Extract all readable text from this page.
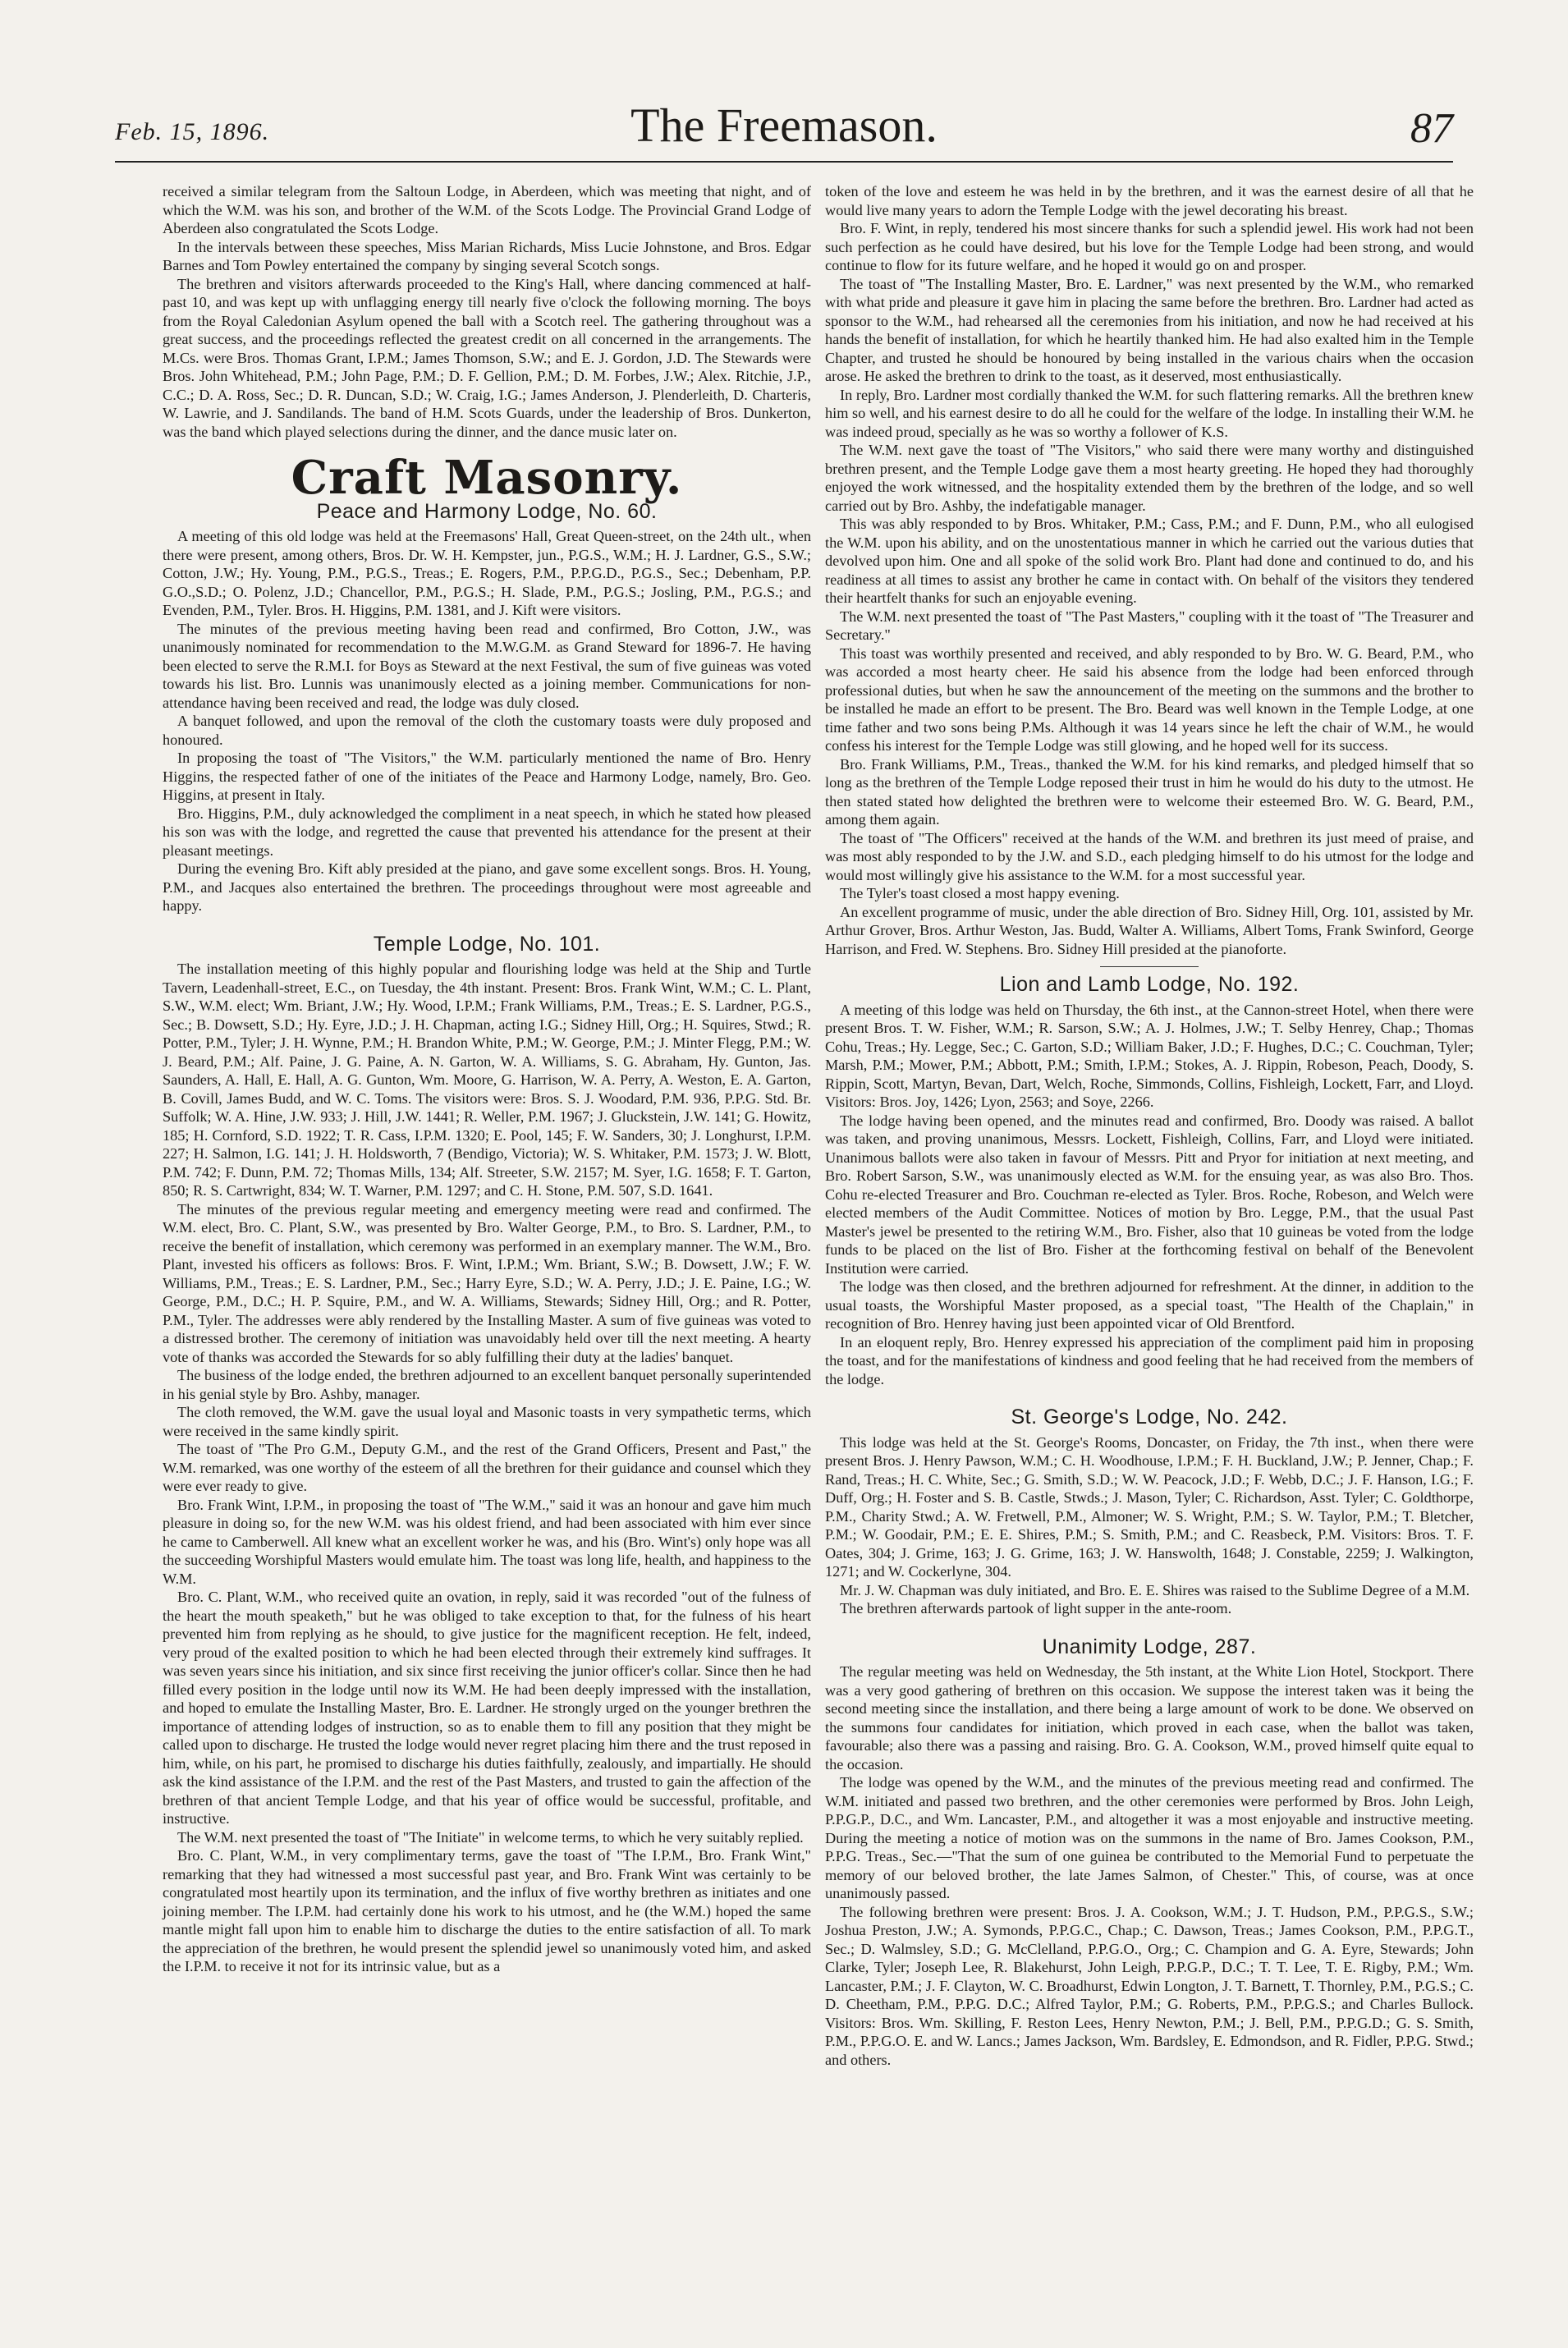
Feb. 15, 1896.	The Freemason.	87

received a similar telegram from the Saltoun Lodge, in Aberdeen, which was meeting that night, and of which the W.M. was his son, and brother of the W.M. of the Scots Lodge. The Provincial Grand Lodge of Aberdeen also congratulated the Scots Lodge.

In the intervals between these speeches, Miss Marian Richards, Miss Lucie Johnstone, and Bros. Edgar Barnes and Tom Powley entertained the company by singing several Scotch songs.

The brethren and visitors afterwards proceeded to the King's Hall, where dancing commenced at half-past 10, and was kept up with unflagging energy till nearly five o'clock the following morning. The boys from the Royal Caledonian Asylum opened the ball with a Scotch reel. The gathering throughout was a great success, and the proceedings reflected the greatest credit on all concerned in the arrangements. The M.Cs. were Bros. Thomas Grant, I.P.M.; James Thomson, S.W.; and E. J. Gordon, J.D. The Stewards were Bros. John Whitehead, P.M.; John Page, P.M.; D. F. Gellion, P.M.; D. M. Forbes, J.W.; Alex. Ritchie, J.P., C.C.; D. A. Ross, Sec.; D. R. Duncan, S.D.; W. Craig, I.G.; James Anderson, J. Plenderleith, D. Charteris, W. Lawrie, and J. Sandilands. The band of H.M. Scots Guards, under the leadership of Bros. Dunkerton, was the band which played selections during the dinner, and the dance music later on.

Craft Masonry.
Peace and Harmony Lodge, No. 60.

A meeting of this old lodge was held at the Freemasons' Hall, Great Queen-street, on the 24th ult., when there were present, among others, Bros. Dr. W. H. Kempster, jun., P.G.S., W.M.; H. J. Lardner, G.S., S.W.; Cotton, J.W.; Hy. Young, P.M., P.G.S., Treas.; E. Rogers, P.M., P.P.G.D., P.G.S., Sec.; Debenham, P.P. G.O.,S.D.; O. Polenz, J.D.; Chancellor, P.M., P.G.S.; H. Slade, P.M., P.G.S.; Josling, P.M., P.G.S.; and Evenden, P.M., Tyler. Bros. H. Higgins, P.M. 1381, and J. Kift were visitors.

The minutes of the previous meeting having been read and confirmed, Bro Cotton, J.W., was unanimously nominated for recommendation to the M.W.G.M. as Grand Steward for 1896-7. He having been elected to serve the R.M.I. for Boys as Steward at the next Festival, the sum of five guineas was voted towards his list. Bro. Lunnis was unanimously elected as a joining member. Communications for non-attendance having been received and read, the lodge was duly closed.

A banquet followed, and upon the removal of the cloth the customary toasts were duly proposed and honoured.

In proposing the toast of "The Visitors," the W.M. particularly mentioned the name of Bro. Henry Higgins, the respected father of one of the initiates of the Peace and Harmony Lodge, namely, Bro. Geo. Higgins, at present in Italy.

Bro. Higgins, P.M., duly acknowledged the compliment in a neat speech, in which he stated how pleased his son was with the lodge, and regretted the cause that prevented his attendance for the present at their pleasant meetings.

During the evening Bro. Kift ably presided at the piano, and gave some excellent songs. Bros. H. Young, P.M., and Jacques also entertained the brethren. The proceedings throughout were most agreeable and happy.

Temple Lodge, No. 101.

The installation meeting of this highly popular and flourishing lodge was held at the Ship and Turtle Tavern, Leadenhall-street, E.C., on Tuesday, the 4th instant. Present: Bros. Frank Wint, W.M.; C. L. Plant, S.W., W.M. elect; Wm. Briant, J.W.; Hy. Wood, I.P.M.; Frank Williams, P.M., Treas.; E. S. Lardner, P.G.S., Sec.; B. Dowsett, S.D.; Hy. Eyre, J.D.; J. H. Chapman, acting I.G.; Sidney Hill, Org.; H. Squires, Stwd.; R. Potter, P.M., Tyler; J. H. Wynne, P.M.; H. Brandon White, P.M.; W. George, P.M.; J. Minter Flegg, P.M.; W. J. Beard, P.M.; Alf. Paine, J. G. Paine, A. N. Garton, W. A. Williams, S. G. Abraham, Hy. Gunton, Jas. Saunders, A. Hall, E. Hall, A. G. Gunton, Wm. Moore, G. Harrison, W. A. Perry, A. Weston, E. A. Garton, B. Covill, James Budd, and W. C. Toms. The visitors were: Bros. S. J. Woodard, P.M. 936, P.P.G. Std. Br. Suffolk; W. A. Hine, J.W. 933; J. Hill, J.W. 1441; R. Weller, P.M. 1967; J. Gluckstein, J.W. 141; G. Howitz, 185; H. Cornford, S.D. 1922; T. R. Cass, I.P.M. 1320; E. Pool, 145; F. W. Sanders, 30; J. Longhurst, I.P.M. 227; H. Salmon, I.G. 141; J. H. Holdsworth, 7 (Bendigo, Victoria); W. S. Whitaker, P.M. 1573; J. W. Blott, P.M. 742; F. Dunn, P.M. 72; Thomas Mills, 134; Alf. Streeter, S.W. 2157; M. Syer, I.G. 1658; F. T. Garton, 850; R. S. Cartwright, 834; W. T. Warner, P.M. 1297; and C. H. Stone, P.M. 507, S.D. 1641.

The minutes of the previous regular meeting and emergency meeting were read and confirmed. The W.M. elect, Bro. C. Plant, S.W., was presented by Bro. Walter George, P.M., to Bro. S. Lardner, P.M., to receive the benefit of installation, which ceremony was performed in an exemplary manner. The W.M., Bro. Plant, invested his officers as follows: Bros. F. Wint, I.P.M.; Wm. Briant, S.W.; B. Dowsett, J.W.; F. W. Williams, P.M., Treas.; E. S. Lardner, P.M., Sec.; Harry Eyre, S.D.; W. A. Perry, J.D.; J. E. Paine, I.G.; W. George, P.M., D.C.; H. P. Squire, P.M., and W. A. Williams, Stewards; Sidney Hill, Org.; and R. Potter, P.M., Tyler. The addresses were ably rendered by the Installing Master. A sum of five guineas was voted to a distressed brother. The ceremony of initiation was unavoidably held over till the next meeting. A hearty vote of thanks was accorded the Stewards for so ably fulfilling their duty at the ladies' banquet.

The business of the lodge ended, the brethren adjourned to an excellent banquet personally superintended in his genial style by Bro. Ashby, manager.

The cloth removed, the W.M. gave the usual loyal and Masonic toasts in very sympathetic terms, which were received in the same kindly spirit.

The toast of "The Pro G.M., Deputy G.M., and the rest of the Grand Officers, Present and Past," the W.M. remarked, was one worthy of the esteem of all the brethren for their guidance and counsel which they were ever ready to give.

Bro. Frank Wint, I.P.M., in proposing the toast of "The W.M.," said it was an honour and gave him much pleasure in doing so, for the new W.M. was his oldest friend, and had been associated with him ever since he came to Camberwell. All knew what an excellent worker he was, and his (Bro. Wint's) only hope was all the succeeding Worshipful Masters would emulate him. The toast was long life, health, and happiness to the W.M.

Bro. C. Plant, W.M., who received quite an ovation, in reply, said it was recorded "out of the fulness of the heart the mouth speaketh," but he was obliged to take exception to that, for the fulness of his heart prevented him from replying as he should, to give justice for the magnificent reception. He felt, indeed, very proud of the exalted position to which he had been elected through their extremely kind suffrages. It was seven years since his initiation, and six since first receiving the junior officer's collar. Since then he had filled every position in the lodge until now its W.M. He had been deeply impressed with the installation, and hoped to emulate the Installing Master, Bro. E. Lardner. He strongly urged on the younger brethren the importance of attending lodges of instruction, so as to enable them to fill any position that they might be called upon to discharge. He trusted the lodge would never regret placing him there and the trust reposed in him, while, on his part, he promised to discharge his duties faithfully, zealously, and impartially. He should ask the kind assistance of the I.P.M. and the rest of the Past Masters, and trusted to gain the affection of the brethren of that ancient Temple Lodge, and that his year of office would be successful, profitable, and instructive.

The W.M. next presented the toast of "The Initiate" in welcome terms, to which he very suitably replied.

Bro. C. Plant, W.M., in very complimentary terms, gave the toast of "The I.P.M., Bro. Frank Wint," remarking that they had witnessed a most successful past year, and Bro. Frank Wint was certainly to be congratulated most heartily upon its termination, and the influx of five worthy brethren as initiates and one joining member. The I.P.M. had certainly done his work to his utmost, and he (the W.M.) hoped the same mantle might fall upon him to enable him to discharge the duties to the entire satisfaction of all. To mark the appreciation of the brethren, he would present the splendid jewel so unanimously voted him, and asked the I.P.M. to receive it not for its intrinsic value, but as a

token of the love and esteem he was held in by the brethren, and it was the earnest desire of all that he would live many years to adorn the Temple Lodge with the jewel decorating his breast.

Bro. F. Wint, in reply, tendered his most sincere thanks for such a splendid jewel. His work had not been such perfection as he could have desired, but his love for the Temple Lodge had been strong, and would continue to flow for its future welfare, and he hoped it would go on and prosper.

The toast of "The Installing Master, Bro. E. Lardner," was next presented by the W.M., who remarked with what pride and pleasure it gave him in placing the same before the brethren. Bro. Lardner had acted as sponsor to the W.M., had rehearsed all the ceremonies from his initiation, and now he had received at his hands the benefit of installation, for which he heartily thanked him. He had also exalted him in the Temple Chapter, and trusted he should be honoured by being installed in the various chairs when the occasion arose. He asked the brethren to drink to the toast, as it deserved, most enthusiastically.

In reply, Bro. Lardner most cordially thanked the W.M. for such flattering remarks. All the brethren knew him so well, and his earnest desire to do all he could for the welfare of the lodge. In installing their W.M. he was indeed proud, specially as he was so worthy a follower of K.S.

The W.M. next gave the toast of "The Visitors," who said there were many worthy and distinguished brethren present, and the Temple Lodge gave them a most hearty greeting. He hoped they had thoroughly enjoyed the work witnessed, and the hospitality extended them by the brethren of the lodge, and so well carried out by Bro. Ashby, the indefatigable manager.

This was ably responded to by Bros. Whitaker, P.M.; Cass, P.M.; and F. Dunn, P.M., who all eulogised the W.M. upon his ability, and on the unostentatious manner in which he carried out the various duties that devolved upon him. One and all spoke of the solid work Bro. Plant had done and continued to do, and his readiness at all times to assist any brother he came in contact with. On behalf of the visitors they tendered their heartfelt thanks for such an enjoyable evening.

The W.M. next presented the toast of "The Past Masters," coupling with it the toast of "The Treasurer and Secretary."

This toast was worthily presented and received, and ably responded to by Bro. W. G. Beard, P.M., who was accorded a most hearty cheer. He said his absence from the lodge had been enforced through professional duties, but when he saw the announcement of the meeting on the summons and the brother to be installed he made an effort to be present. The Bro. Beard was well known in the Temple Lodge, at one time father and two sons being P.Ms. Although it was 14 years since he left the chair of W.M., he would confess his interest for the Temple Lodge was still glowing, and he hoped well for its success.

Bro. Frank Williams, P.M., Treas., thanked the W.M. for his kind remarks, and pledged himself that so long as the brethren of the Temple Lodge reposed their trust in him he would do his duty to the utmost. He then stated stated how delighted the brethren were to welcome their esteemed Bro. W. G. Beard, P.M., among them again.

The toast of "The Officers" received at the hands of the W.M. and brethren its just meed of praise, and was most ably responded to by the J.W. and S.D., each pledging himself to do his utmost for the lodge and would most willingly give his assistance to the W.M. for a most successful year.

The Tyler's toast closed a most happy evening.

An excellent programme of music, under the able direction of Bro. Sidney Hill, Org. 101, assisted by Mr. Arthur Grover, Bros. Arthur Weston, Jas. Budd, Walter A. Williams, Albert Toms, Frank Swinford, George Harrison, and Fred. W. Stephens. Bro. Sidney Hill presided at the pianoforte.

Lion and Lamb Lodge, No. 192.

A meeting of this lodge was held on Thursday, the 6th inst., at the Cannon-street Hotel, when there were present Bros. T. W. Fisher, W.M.; R. Sarson, S.W.; A. J. Holmes, J.W.; T. Selby Henrey, Chap.; Thomas Cohu, Treas.; Hy. Legge, Sec.; C. Garton, S.D.; William Baker, J.D.; F. Hughes, D.C.; C. Couchman, Tyler; Marsh, P.M.; Mower, P.M.; Abbott, P.M.; Smith, I.P.M.; Stokes, A. J. Rippin, Robeson, Peach, Doody, S. Rippin, Scott, Martyn, Bevan, Dart, Welch, Roche, Simmonds, Collins, Fishleigh, Lockett, Farr, and Lloyd. Visitors: Bros. Joy, 1426; Lyon, 2563; and Soye, 2266.

The lodge having been opened, and the minutes read and confirmed, Bro. Doody was raised. A ballot was taken, and proving unanimous, Messrs. Lockett, Fishleigh, Collins, Farr, and Lloyd were initiated. Unanimous ballots were also taken in favour of Messrs. Pitt and Pryor for initiation at next meeting, and Bro. Robert Sarson, S.W., was unanimously elected as W.M. for the ensuing year, as was also Bro. Thos. Cohu re-elected Treasurer and Bro. Couchman re-elected as Tyler. Bros. Roche, Robeson, and Welch were elected members of the Audit Committee. Notices of motion by Bro. Legge, P.M., that the usual Past Master's jewel be presented to the retiring W.M., Bro. Fisher, also that 10 guineas be voted from the lodge funds to be placed on the list of Bro. Fisher at the forthcoming festival on behalf of the Benevolent Institution were carried.

The lodge was then closed, and the brethren adjourned for refreshment. At the dinner, in addition to the usual toasts, the Worshipful Master proposed, as a special toast, "The Health of the Chaplain," in recognition of Bro. Henrey having just been appointed vicar of Old Brentford.

In an eloquent reply, Bro. Henrey expressed his appreciation of the compliment paid him in proposing the toast, and for the manifestations of kindness and good feeling that he had received from the members of the lodge.

St. George's Lodge, No. 242.

This lodge was held at the St. George's Rooms, Doncaster, on Friday, the 7th inst., when there were present Bros. J. Henry Pawson, W.M.; C. H. Woodhouse, I.P.M.; F. H. Buckland, J.W.; P. Jenner, Chap.; F. Rand, Treas.; H. C. White, Sec.; G. Smith, S.D.; W. W. Peacock, J.D.; F. Webb, D.C.; J. F. Hanson, I.G.; F. Duff, Org.; H. Foster and S. B. Castle, Stwds.; J. Mason, Tyler; C. Richardson, Asst. Tyler; C. Goldthorpe, P.M., Charity Stwd.; A. W. Fretwell, P.M., Almoner; W. S. Wright, P.M.; S. W. Taylor, P.M.; T. Bletcher, P.M.; W. Goodair, P.M.; E. E. Shires, P.M.; S. Smith, P.M.; and C. Reasbeck, P.M. Visitors: Bros. T. F. Oates, 304; J. Grime, 163; J. G. Grime, 163; J. W. Hanswolth, 1648; J. Constable, 2259; J. Walkington, 1271; and W. Cockerlyne, 304.

Mr. J. W. Chapman was duly initiated, and Bro. E. E. Shires was raised to the Sublime Degree of a M.M.

The brethren afterwards partook of light supper in the ante-room.

Unanimity Lodge, 287.

The regular meeting was held on Wednesday, the 5th instant, at the White Lion Hotel, Stockport. There was a very good gathering of brethren on this occasion. We suppose the interest taken was it being the second meeting since the installation, and there being a large amount of work to be done. We observed on the summons four candidates for initiation, which proved in each case, when the ballot was taken, favourable; also there was a passing and raising. Bro. G. A. Cookson, W.M., proved himself quite equal to the occasion.

The lodge was opened by the W.M., and the minutes of the previous meeting read and confirmed. The W.M. initiated and passed two brethren, and the other ceremonies were performed by Bros. John Leigh, P.P.G.P., D.C., and Wm. Lancaster, P.M., and altogether it was a most enjoyable and instructive meeting. During the meeting a notice of motion was on the summons in the name of Bro. James Cookson, P.M., P.P.G. Treas., Sec.—"That the sum of one guinea be contributed to the Memorial Fund to perpetuate the memory of our beloved brother, the late James Salmon, of Chester." This, of course, was at once unanimously passed.

The following brethren were present: Bros. J. A. Cookson, W.M.; J. T. Hudson, P.M., P.P.G.S., S.W.; Joshua Preston, J.W.; A. Symonds, P.P.G.C., Chap.; C. Dawson, Treas.; James Cookson, P.M., P.P.G.T., Sec.; D. Walmsley, S.D.; G. McClelland, P.P.G.O., Org.; C. Champion and G. A. Eyre, Stewards; John Clarke, Tyler; Joseph Lee, R. Blakehurst, John Leigh, P.P.G.P., D.C.; T. T. Lee, T. E. Rigby, P.M.; Wm. Lancaster, P.M.; J. F. Clayton, W. C. Broadhurst, Edwin Longton, J. T. Barnett, T. Thornley, P.M., P.G.S.; C. D. Cheetham, P.M., P.P.G. D.C.; Alfred Taylor, P.M.; G. Roberts, P.M., P.P.G.S.; and Charles Bullock. Visitors: Bros. Wm. Skilling, F. Reston Lees, Henry Newton, P.M.; J. Bell, P.M., P.P.G.D.; G. S. Smith, P.M., P.P.G.O. E. and W. Lancs.; James Jackson, Wm. Bardsley, E. Edmondson, and R. Fidler, P.P.G. Stwd.; and others.
